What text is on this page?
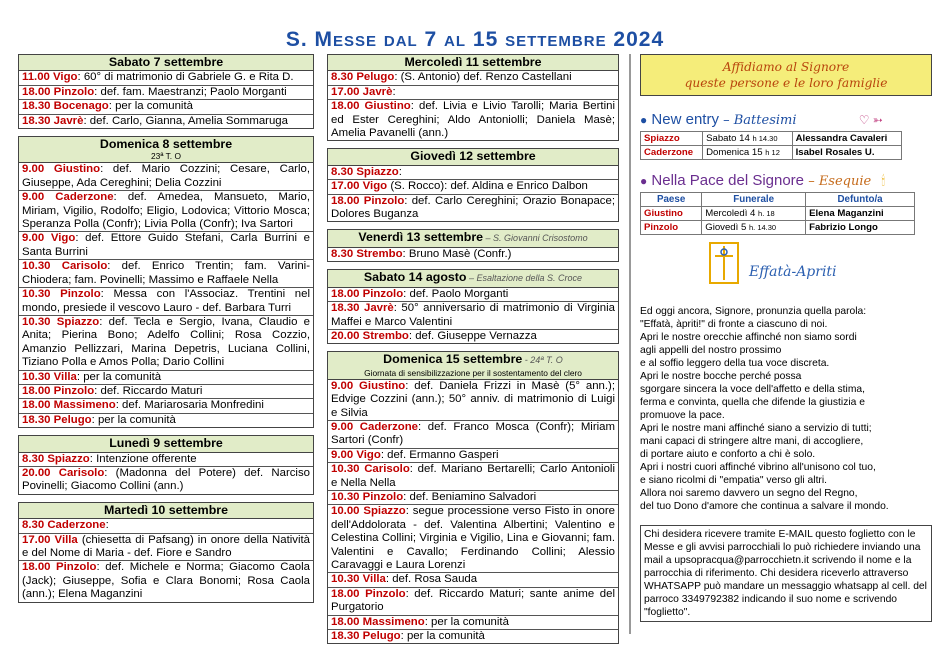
S. Messe dal 7 al 15 settembre 2024
Sabato 7 settembre
11.00 Vigo: 60° di matrimonio di Gabriele G. e Rita D.
18.00 Pinzolo: def. fam. Maestranzi; Paolo Morganti
18.30 Bocenago: per la comunità
18.30 Javrè: def. Carlo, Gianna, Amelia Sommaruga
Domenica 8 settembre
23ª T. O
9.00 Giustino: def. Mario Cozzini; Cesare, Carlo, Giuseppe, Ada Cereghini; Delia Cozzini
9.00 Caderzone: def. Amedea, Mansueto, Mario, Miriam, Vigilio, Rodolfo; Eligio, Lodovica; Vittorio Mosca; Speranza Polla (Confr); Livia Polla (Confr); Iva Sartori
9.00 Vigo: def. Ettore Guido Stefani, Carla Burrini e Santa Burrini
10.30 Carisolo: def. Enrico Trentin; fam. Varini-Chiodera; fam. Povinelli; Massimo e Raffaele Nella
10.30 Pinzolo: Messa con l'Associaz. Trentini nel mondo, presiede il vescovo Lauro - def. Barbara Turri
10.30 Spiazzo: def. Tecla e Sergio, Ivana, Claudio e Anita; Pierina Bono; Adelfo Collini; Rosa Cozzio, Amanzio Pellizzari, Marina Depetris, Luciana Collini, Tiziano Polla e Amos Polla; Dario Collini
10.30 Villa: per la comunità
18.00 Pinzolo: def. Riccardo Maturi
18.00 Massimeno: def. Mariarosaria Monfredini
18.30 Pelugo: per la comunità
Lunedì 9 settembre
8.30 Spiazzo: Intenzione offerente
20.00 Carisolo: (Madonna del Potere) def. Narciso Povinelli; Giacomo Collini (ann.)
Martedì 10 settembre
8.30 Caderzone:
17.00 Villa (chiesetta di Pafsang) in onore della Natività e del Nome di Maria - def. Fiore e Sandro
18.00 Pinzolo: def. Michele e Norma; Giacomo Caola (Jack); Giuseppe, Sofia e Clara Bonomi; Rosa Caola (ann.); Elena Maganzini
Mercoledì 11 settembre
8.30 Pelugo: (S. Antonio) def. Renzo Castellani
17.00 Javrè:
18.00 Giustino: def. Livia e Livio Tarolli; Maria Bertini ed Ester Cereghini; Aldo Antoniolli; Daniela Masè; Amelia Pavanelli (ann.)
Giovedì 12 settembre
8.30 Spiazzo:
17.00 Vigo (S. Rocco): def. Aldina e Enrico Dalbon
18.00 Pinzolo: def. Carlo Cereghini; Orazio Bonapace; Dolores Buganza
Venerdì 13 settembre – S. Giovanni Crisostomo
8.30 Strembo: Bruno Masè (Confr.)
Sabato 14 agosto – Esaltazione della S. Croce
18.00 Pinzolo: def. Paolo Morganti
18.30 Javrè: 50° anniversario di matrimonio di Virginia Maffei e Marco Valentini
20.00 Strembo: def. Giuseppe Vernazza
Domenica 15 settembre - 24ª T. O
Giornata di sensibilizzazione per il sostentamento del clero
9.00 Giustino: def. Daniela Frizzi in Masè (5° ann.); Edvige Cozzini (ann.); 50° anniv. di matrimonio di Luigi e Silvia
9.00 Caderzone: def. Franco Mosca (Confr); Miriam Sartori (Confr)
9.00 Vigo: def. Ermanno Gasperi
10.30 Carisolo: def. Mariano Bertarelli; Carlo Antonioli e Nella Nella
10.30 Pinzolo: def. Beniamino Salvadori
10.00 Spiazzo: segue processione verso Fisto in onore dell'Addolorata - def. Valentina Albertini; Valentino e Celestina Collini; Virginia e Vigilio, Lina e Giovanni; fam. Valentini e Cavallo; Ferdinando Collini; Alessio Caravaggi e Laura Lorenzi
10.30 Villa: def. Rosa Sauda
18.00 Pinzolo: def. Riccardo Maturi; sante anime del Purgatorio
18.00 Massimeno: per la comunità
18.30 Pelugo: per la comunità
Affidiamo al Signore
queste persone e le loro famiglie
● New entry – Battesimi	♡ ➳
Spiazzo	Sabato 14 h 14.30	Alessandra Cavaleri
Caderzone	Domenica 15 h 12	Isabel Rosales U.
● Nella Pace del Signore – Esequie 🕯
Paese	Funerale	Defunto/a
Giustino	Mercoledì 4 h. 18	Elena Maganzini
Pinzolo	Giovedì 5 h. 14.30	Fabrizio Longo
Ed oggi ancora, Signore, pronunzia quella parola:
"Effatà, àpriti!" di fronte a ciascuno di noi.
Apri le nostre orecchie affinché non siamo sordi
agli appelli del nostro prossimo
e al soffio leggero della tua voce discreta.
Apri le nostre bocche perché possa
sgorgare sincera la voce dell'affetto e della stima,
ferma e convinta, quella che difende la giustizia e
promuove la pace.
Apri le nostre mani affinché siano a servizio di tutti;
mani capaci di stringere altre mani, di accogliere,
di portare aiuto e conforto a chi è solo.
Apri i nostri cuori affinché vibrino all'unisono col tuo,
e siano ricolmi di "empatia" verso gli altri.
Allora noi saremo davvero un segno del Regno,
del tuo Dono d'amore che continua a salvare il mondo.
Chi desidera ricevere tramite E-MAIL questo foglietto con le Messe e gli avvisi parrocchiali lo può richiedere inviando una mail a upsopracqua@parrocchietn.it scrivendo il nome e la parrocchia di riferimento. Chi desidera riceverlo attraverso WHATSAPP può mandare un messaggio whatsapp al cell. del parroco 3349792382 indicando il suo nome e scrivendo "foglietto".
Effatà-Apriti
